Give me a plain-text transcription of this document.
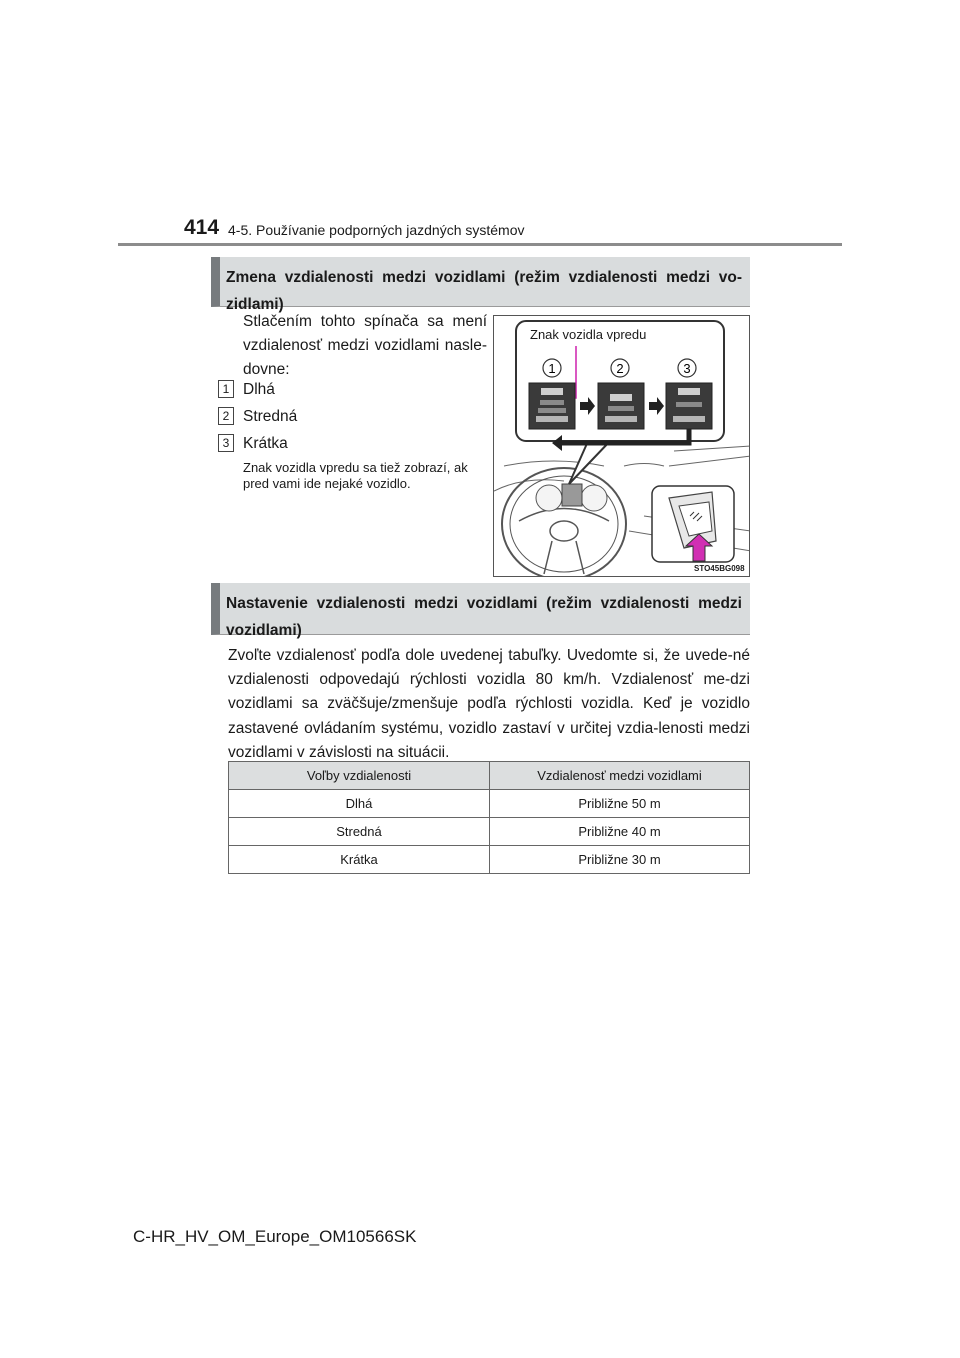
414 4-5. Používanie podporných jazdných systémov
Zmena vzdialenosti medzi vozidlami (režim vzdialenosti medzi vo-zidlami)
Stlačením tohto spínača sa mení vzdialenosť medzi vozidlami nasle-dovne:
1 Dlhá
2 Stredná
3 Krátka
Znak vozidla vpredu sa tiež zobrazí, ak pred vami ide nejaké vozidlo.
1	2	3
Znak vozidla vpredu
STO45BG098
Nastavenie vzdialenosti medzi vozidlami (režim vzdialenosti medzi vozidlami)
Zvoľte vzdialenosť podľa dole uvedenej tabuľky. Uvedomte si, že uvede-né vzdialenosti odpovedajú rýchlosti vozidla 80 km/h. Vzdialenosť me-dzi vozidlami sa zväčšuje/zmenšuje podľa rýchlosti vozidla. Keď je vozidlo zastavené ovládaním systému, vozidlo zastaví v určitej vzdia-lenosti medzi vozidlami v závislosti na situácii.
Voľby vzdialenosti	Vzdialenosť medzi vozidlami
Dlhá	Približne 50 m
Stredná	Približne 40 m
Krátka	Približne 30 m
C-HR_HV_OM_Europe_OM10566SK
